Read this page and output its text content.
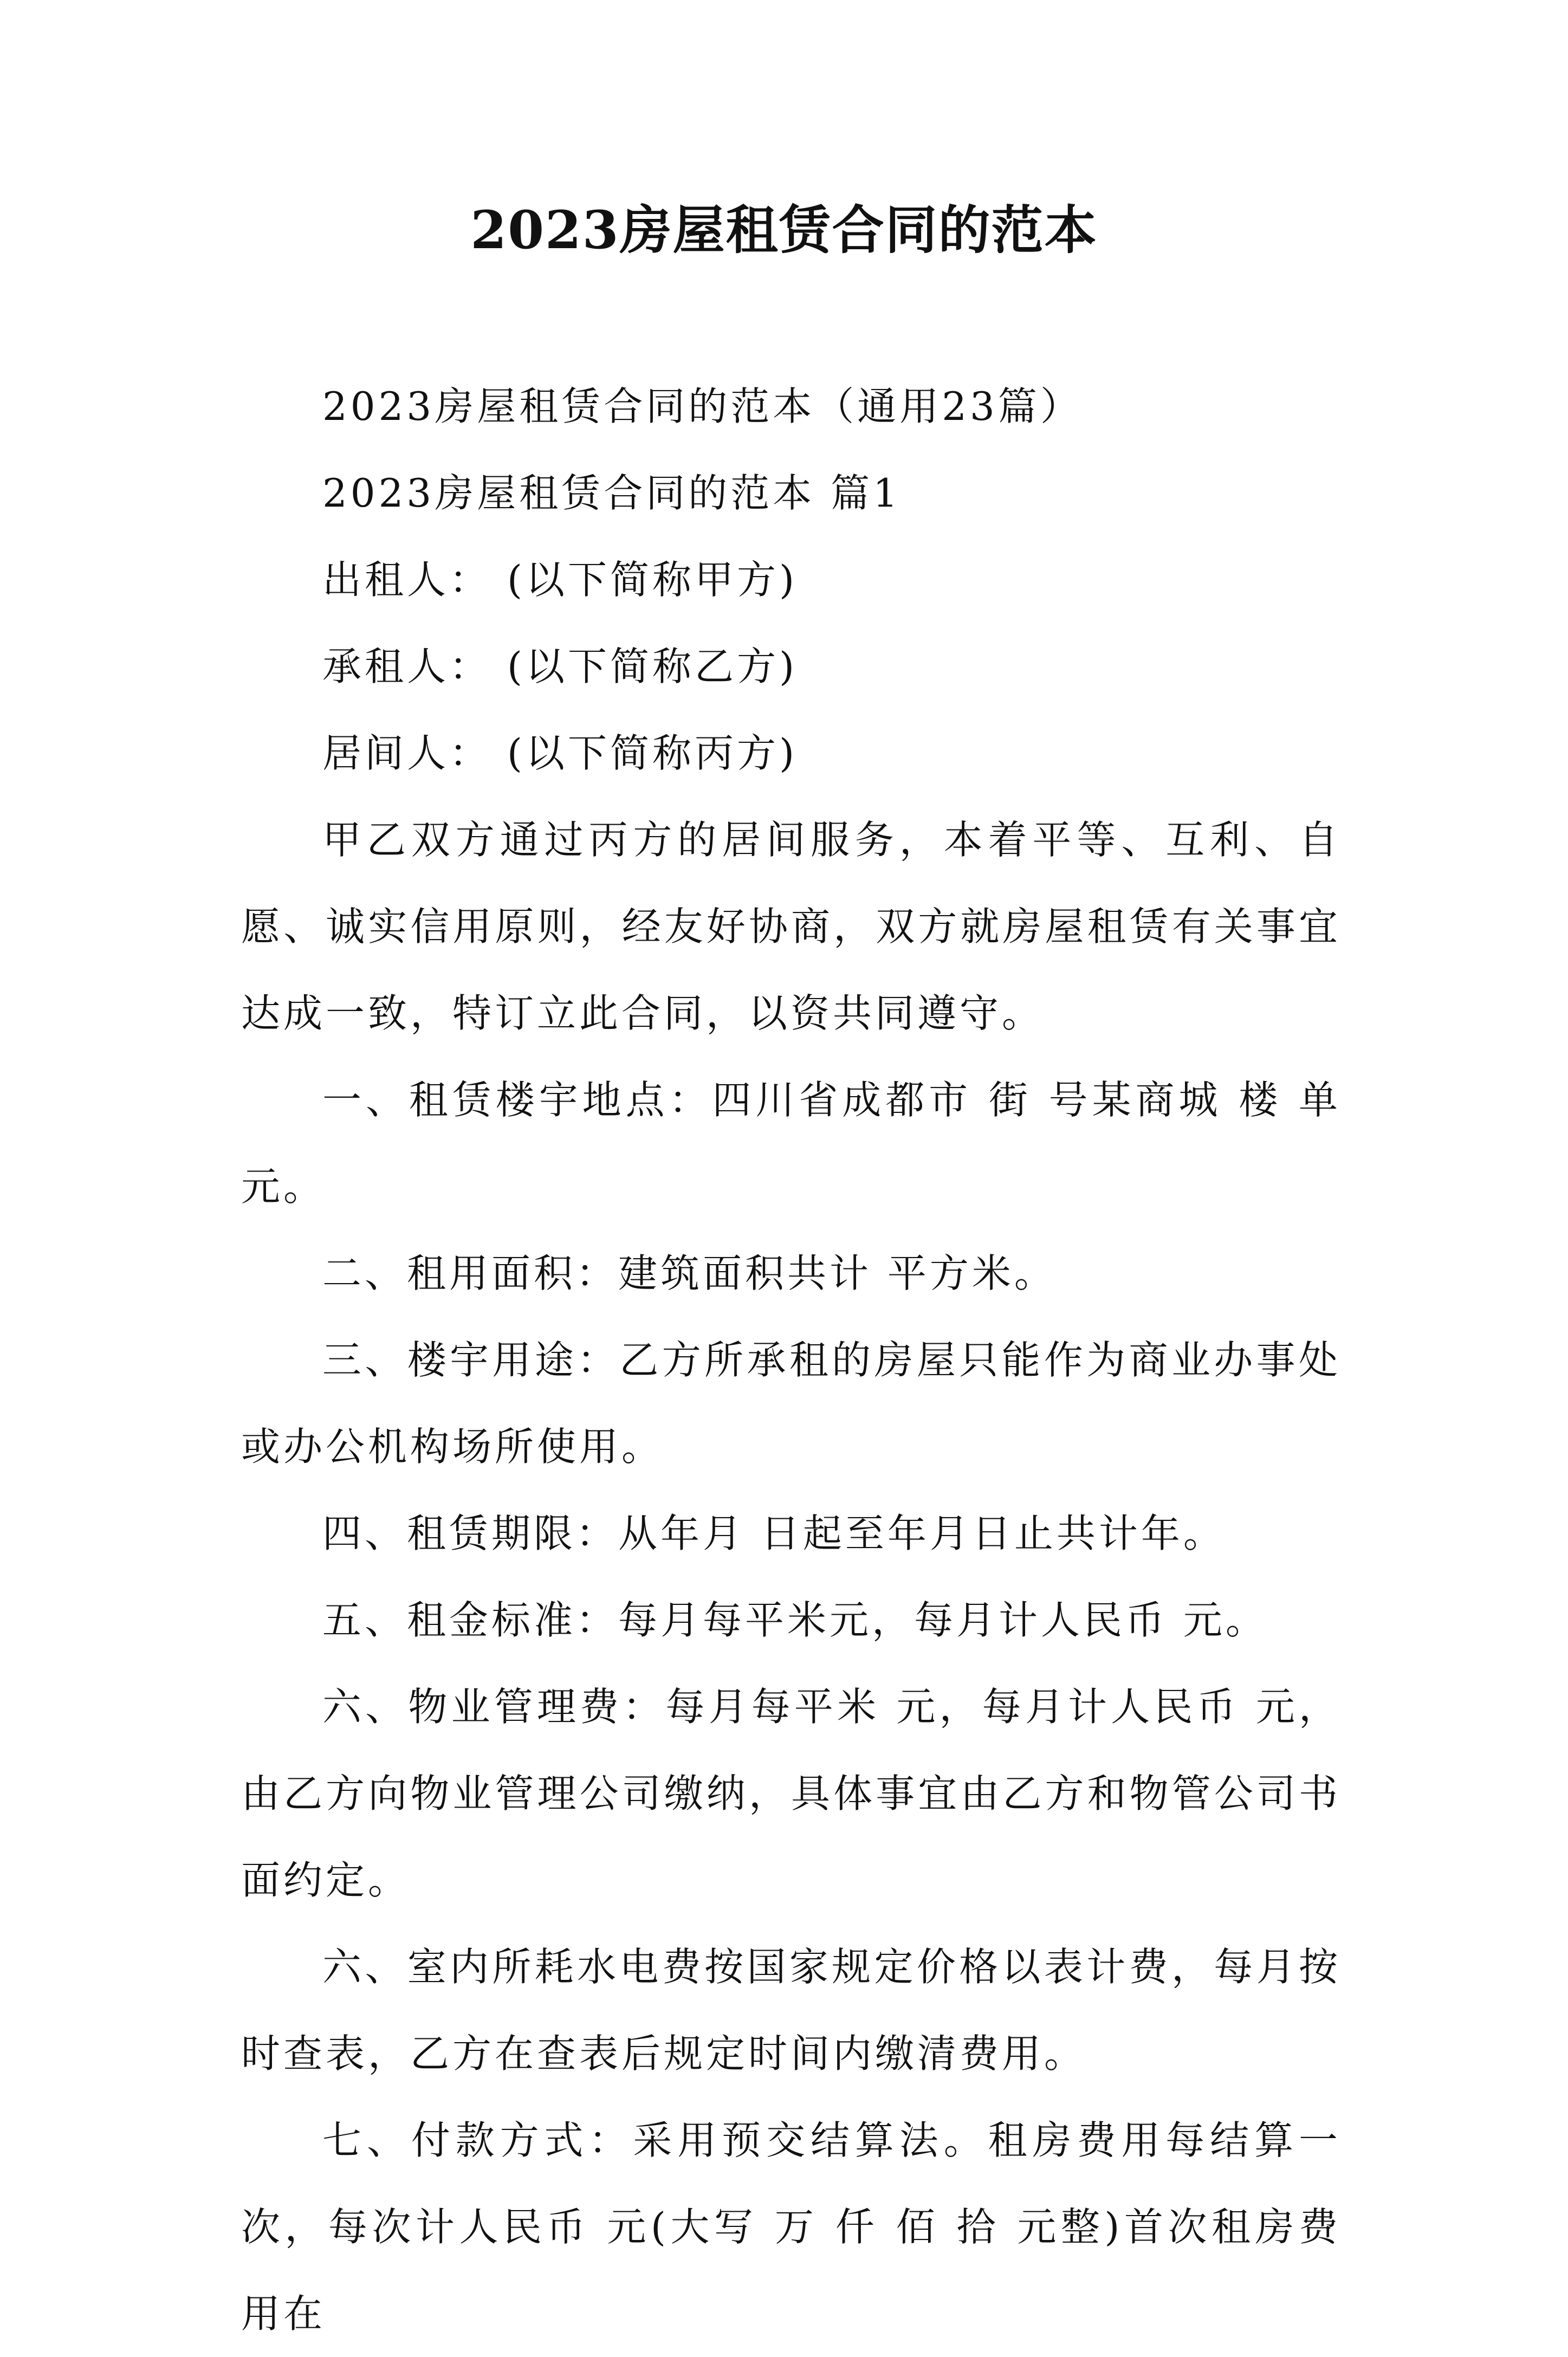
2023房屋租赁合同的范本

2023房屋租赁合同的范本（通用23篇）

2023房屋租赁合同的范本 篇1

出租人： (以下简称甲方)

承租人： (以下简称乙方)

居间人： (以下简称丙方)

甲乙双方通过丙方的居间服务，本着平等、互利、自愿、诚实信用原则，经友好协商，双方就房屋租赁有关事宜达成一致，特订立此合同，以资共同遵守。

一、租赁楼宇地点：四川省成都市 街 号某商城 楼 单元。

二、租用面积：建筑面积共计 平方米。

三、楼宇用途：乙方所承租的房屋只能作为商业办事处或办公机构场所使用。

四、租赁期限：从年月 日起至年月日止共计年。

五、租金标准：每月每平米元，每月计人民币 元。

六、物业管理费：每月每平米 元，每月计人民币 元，由乙方向物业管理公司缴纳，具体事宜由乙方和物管公司书面约定。

六、室内所耗水电费按国家规定价格以表计费，每月按时查表，乙方在查表后规定时间内缴清费用。

七、付款方式：采用预交结算法。租房费用每结算一次，每次计人民币 元(大写 万 仟 佰 拾 元整)首次租房费用在
